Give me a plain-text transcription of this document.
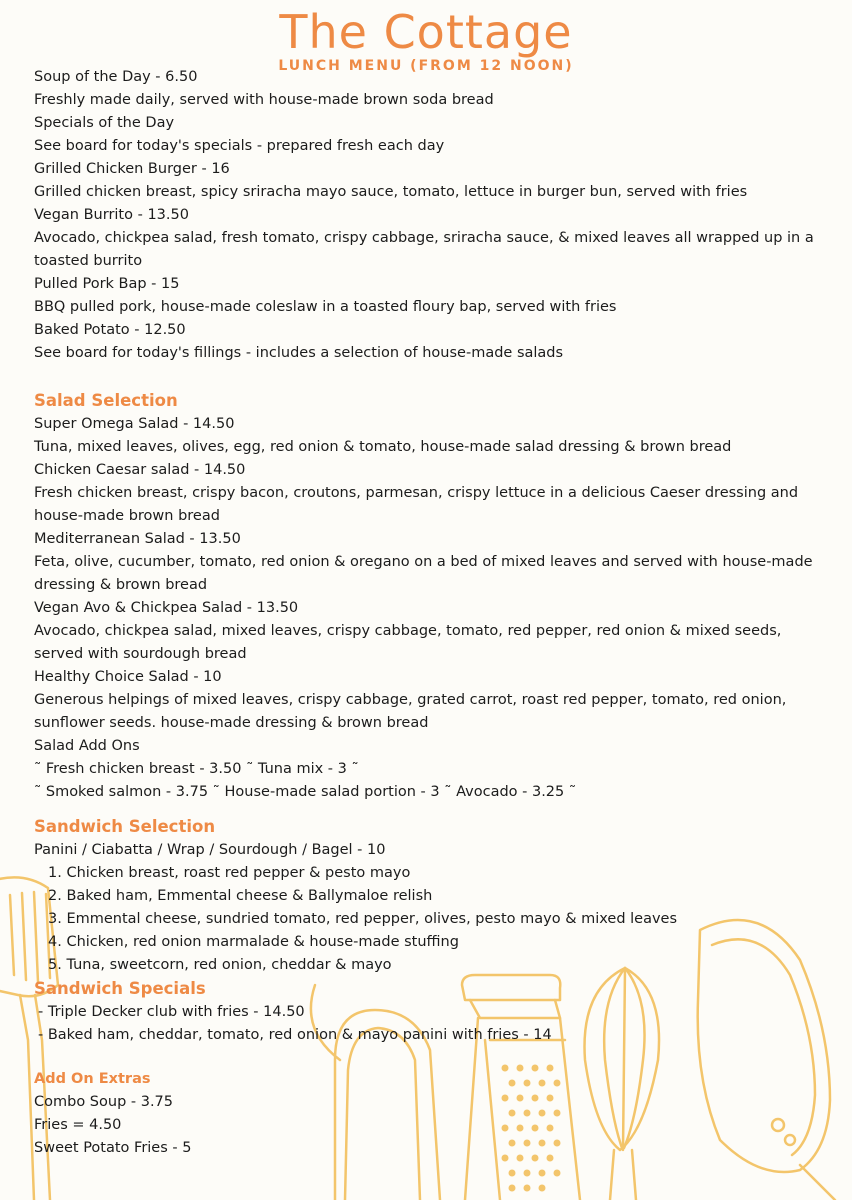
The Cottage
LUNCH MENU (FROM 12 NOON)
Soup of the Day - 6.50
Freshly made daily, served with house-made brown soda bread
Specials of the Day
See board for today's specials - prepared fresh each day
Grilled Chicken Burger - 16
Grilled chicken breast, spicy sriracha mayo sauce, tomato, lettuce in burger bun, served with fries
Vegan Burrito - 13.50
Avocado, chickpea salad, fresh tomato, crispy cabbage, sriracha sauce, & mixed leaves all wrapped up in a toasted burrito
Pulled Pork Bap - 15
BBQ pulled pork, house-made coleslaw in a toasted floury bap, served with fries
Baked Potato - 12.50
See board for today's fillings - includes a selection of house-made salads
Salad Selection
Super Omega Salad - 14.50
Tuna, mixed leaves, olives, egg, red onion & tomato, house-made salad dressing & brown bread
Chicken Caesar salad - 14.50
Fresh chicken breast, crispy bacon, croutons, parmesan, crispy lettuce in a delicious Caeser dressing and house-made brown bread
Mediterranean Salad - 13.50
Feta, olive, cucumber, tomato, red onion & oregano on a bed of mixed leaves and served with house-made dressing & brown bread
Vegan Avo & Chickpea Salad - 13.50
Avocado, chickpea salad, mixed leaves, crispy cabbage, tomato, red pepper, red onion & mixed seeds, served with sourdough bread
Healthy Choice Salad - 10
Generous helpings of mixed leaves, crispy cabbage, grated carrot, roast red pepper, tomato, red onion, sunflower seeds. house-made dressing & brown bread
Salad Add Ons
˜ Fresh chicken breast - 3.50 ˜ Tuna mix - 3 ˜
˜ Smoked salmon - 3.75 ˜ House-made salad portion - 3 ˜ Avocado - 3.25 ˜
Sandwich Selection
Panini / Ciabatta / Wrap / Sourdough / Bagel - 10
1. Chicken breast, roast red pepper & pesto mayo
2. Baked ham, Emmental cheese & Ballymaloe relish
3. Emmental cheese, sundried tomato, red pepper, olives, pesto mayo & mixed leaves
4. Chicken, red onion marmalade & house-made stuffing
5. Tuna, sweetcorn, red onion, cheddar & mayo
Sandwich Specials
- Triple Decker club with fries - 14.50
- Baked ham, cheddar, tomato, red onion & mayo panini with fries - 14
Add On Extras
Combo Soup - 3.75
Fries = 4.50
Sweet Potato Fries - 5
